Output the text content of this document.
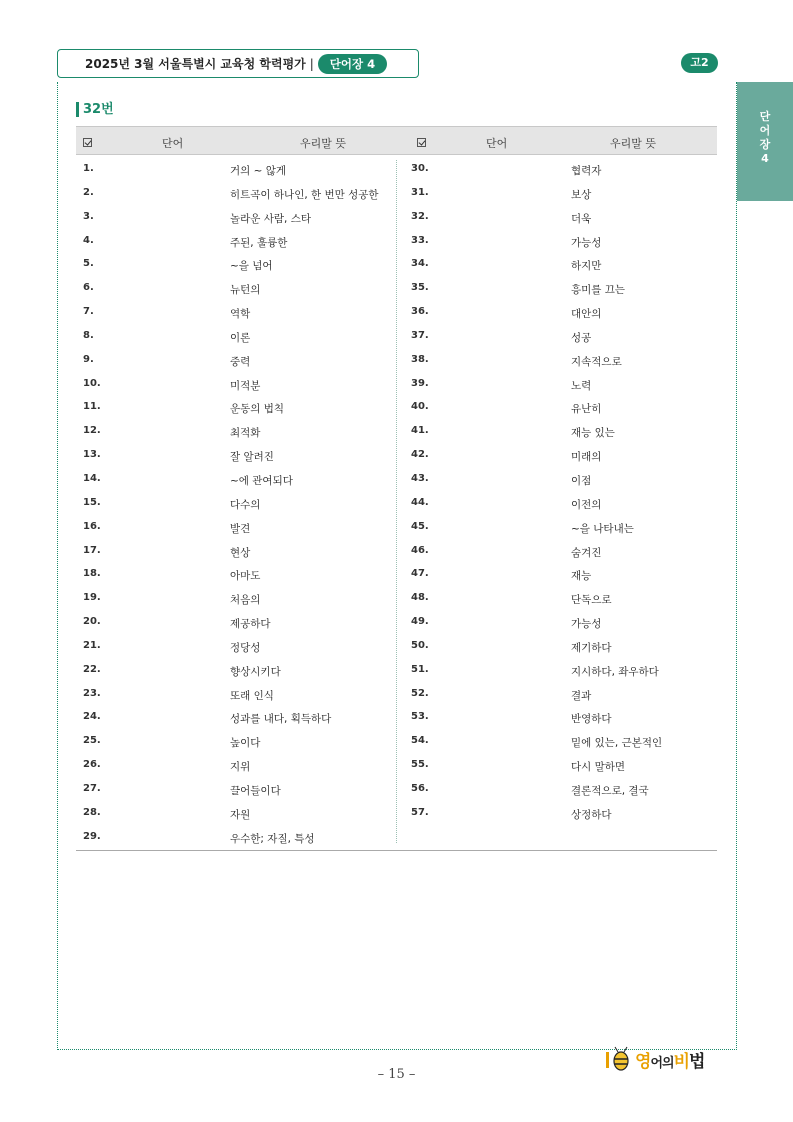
2025년 3월 서울특별시 교육청 학력평가 |	단어장 4	고2
단
어
장
4
32번
단어	우리말 뜻	단어	우리말 뜻
1.	거의 ~ 않게
2.	히트곡이 하나인, 한 번만 성공한
3.	놀라운 사람, 스타
4.	주된, 훌륭한
5.	~을 넘어
6.	뉴턴의
7.	역학
8.	이론
9.	중력
10.	미적분
11.	운동의 법칙
12.	최적화
13.	잘 알려진
14.	~에 관여되다
15.	다수의
16.	발견
17.	현상
18.	아마도
19.	처음의
20.	제공하다
21.	정당성
22.	향상시키다
23.	또래 인식
24.	성과를 내다, 획득하다
25.	높이다
26.	지위
27.	끌어들이다
28.	자원
29.	우수한; 자질, 특성
30.	협력자
31.	보상
32.	더욱
33.	가능성
34.	하지만
35.	흥미를 끄는
36.	대안의
37.	성공
38.	지속적으로
39.	노력
40.	유난히
41.	재능 있는
42.	미래의
43.	이점
44.	이전의
45.	~을 나타내는
46.	숨겨진
47.	재능
48.	단독으로
49.	가능성
50.	제기하다
51.	지시하다, 좌우하다
52.	결과
53.	반영하다
54.	밑에 있는, 근본적인
55.	다시 말하면
56.	결론적으로, 결국
57.	상정하다
– 15 –
영어의비법
